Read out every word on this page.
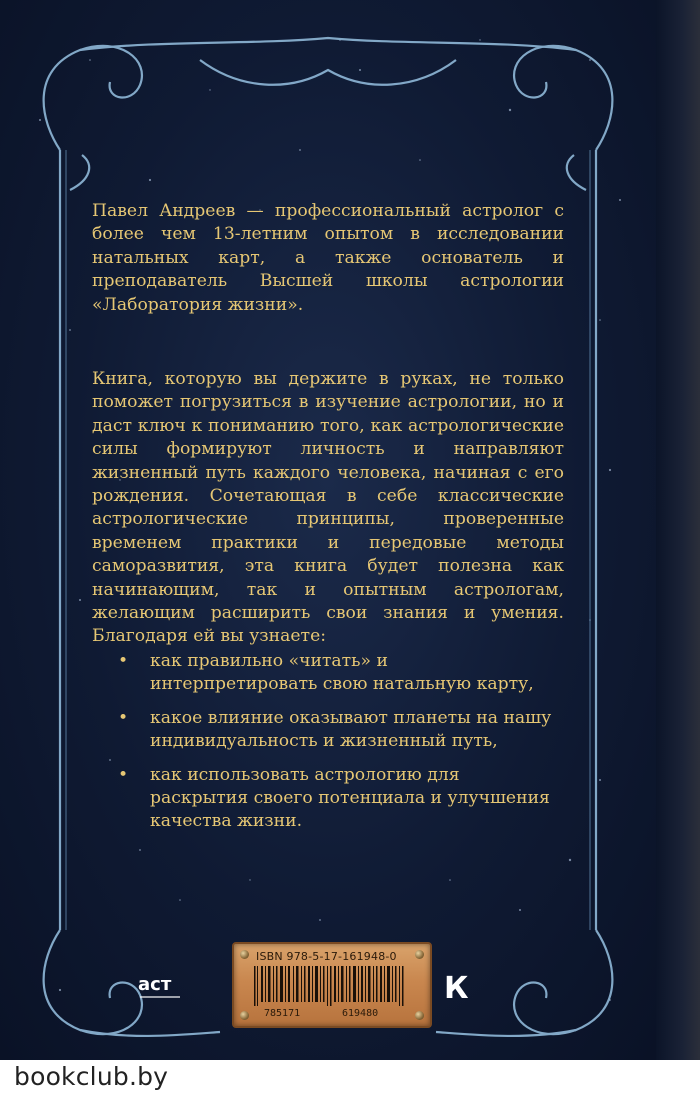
Павел Андреев — профессиональный астролог с более чем 13-летним опытом в исследовании натальных карт, а также основатель и преподаватель Высшей школы астрологии «Лаборатория жизни».
Книга, которую вы держите в руках, не только поможет погрузиться в изучение астрологии, но и даст ключ к пониманию того, как астрологические силы формируют личность и направляют жизненный путь каждого человека, начиная с его рождения. Сочетающая в себе классические астрологические принципы, проверенные временем практики и передовые методы саморазвития, эта книга будет полезна как начинающим, так и опытным астрологам, желающим расширить свои знания и умения. Благодаря ей вы узнаете:
• как правильно «читать» и интерпретировать свою натальную карту,
• какое влияние оказывают планеты на нашу индивидуальность и жизненный путь,
• как использовать астрологию для раскрытия своего потенциала и улучшения качества жизни.
аст
ISBN 978-5-17-161948-0
785171	619480
К
bookclub.by
